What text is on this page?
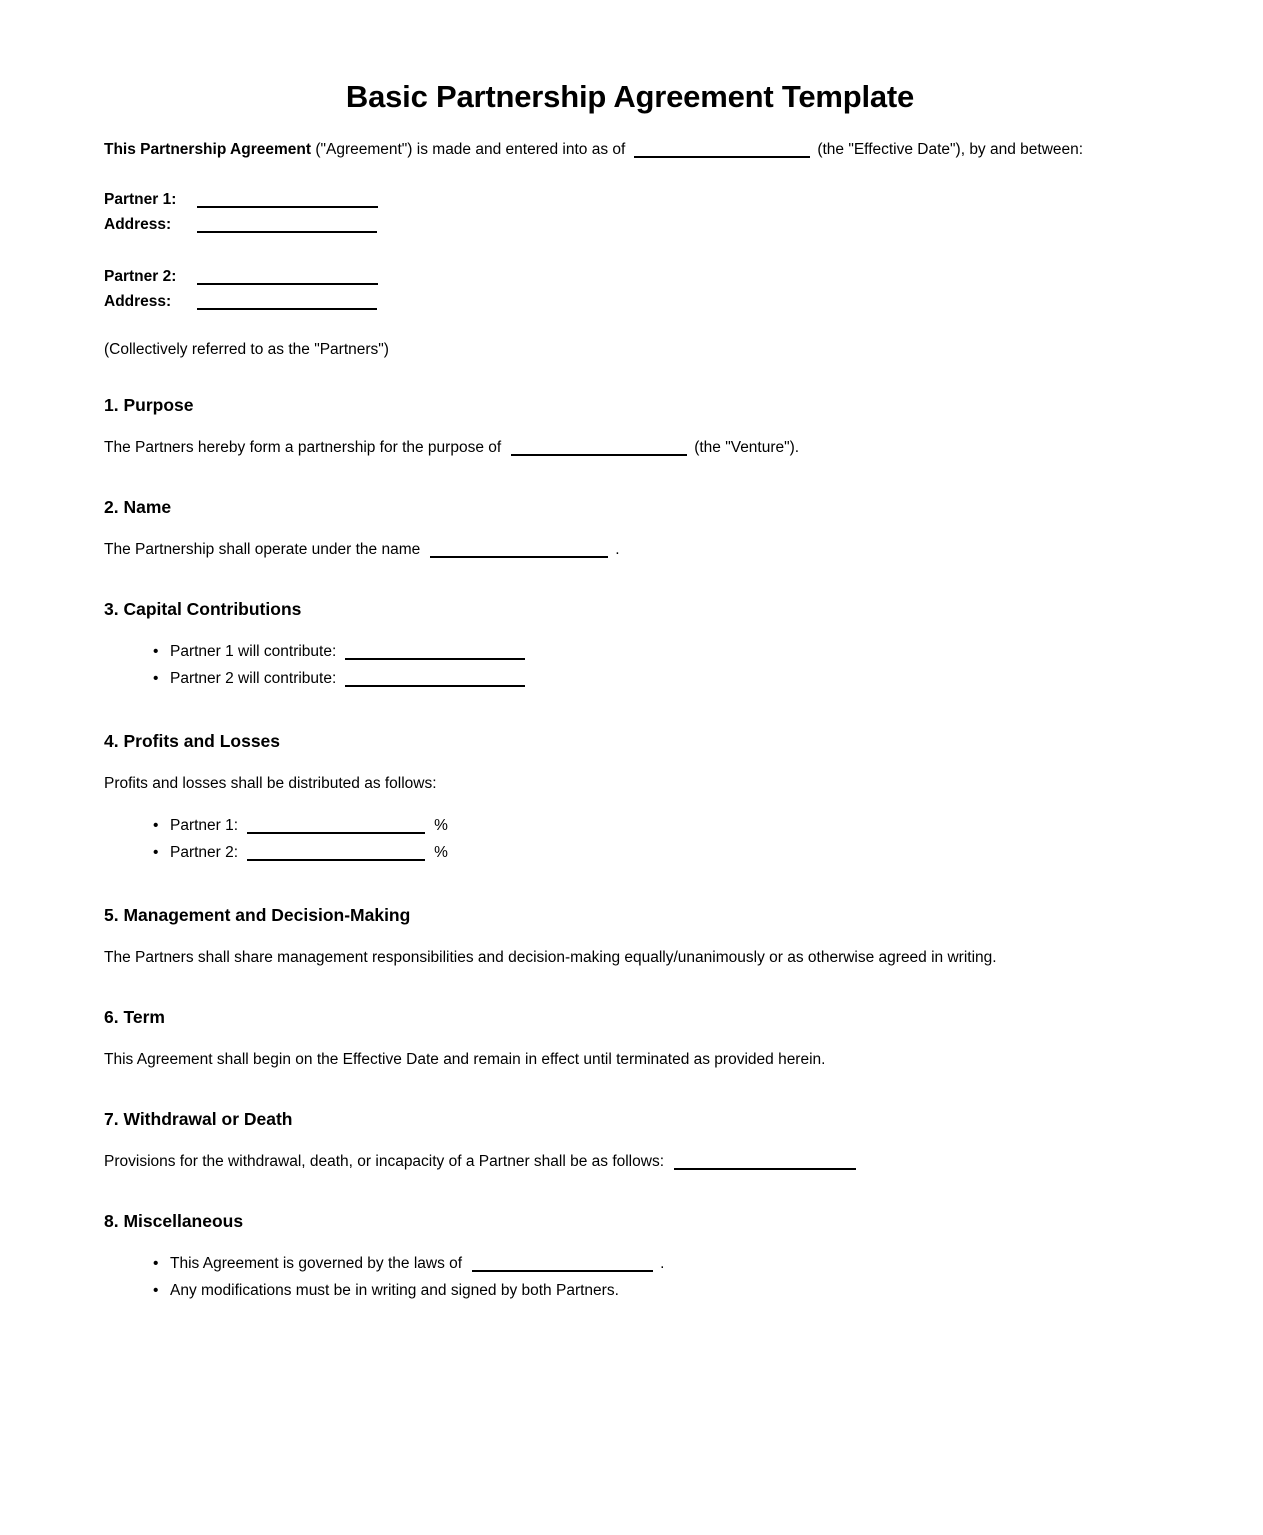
Basic Partnership Agreement Template
This Partnership Agreement ("Agreement") is made and entered into as of	(the "Effective Date"), by and between:
Partner 1:
Address:
Partner 2:
Address:
(Collectively referred to as the "Partners")
1. Purpose
The Partners hereby form a partnership for the purpose of	(the "Venture").
2. Name
The Partnership shall operate under the name	.
3. Capital Contributions
• Partner 1 will contribute:
• Partner 2 will contribute:
4. Profits and Losses
Profits and losses shall be distributed as follows:
• Partner 1:	%
• Partner 2:	%
5. Management and Decision-Making
The Partners shall share management responsibilities and decision-making equally/unanimously or as otherwise agreed in writing.
6. Term
This Agreement shall begin on the Effective Date and remain in effect until terminated as provided herein.
7. Withdrawal or Death
Provisions for the withdrawal, death, or incapacity of a Partner shall be as follows:
8. Miscellaneous
• This Agreement is governed by the laws of	.
• Any modifications must be in writing and signed by both Partners.
